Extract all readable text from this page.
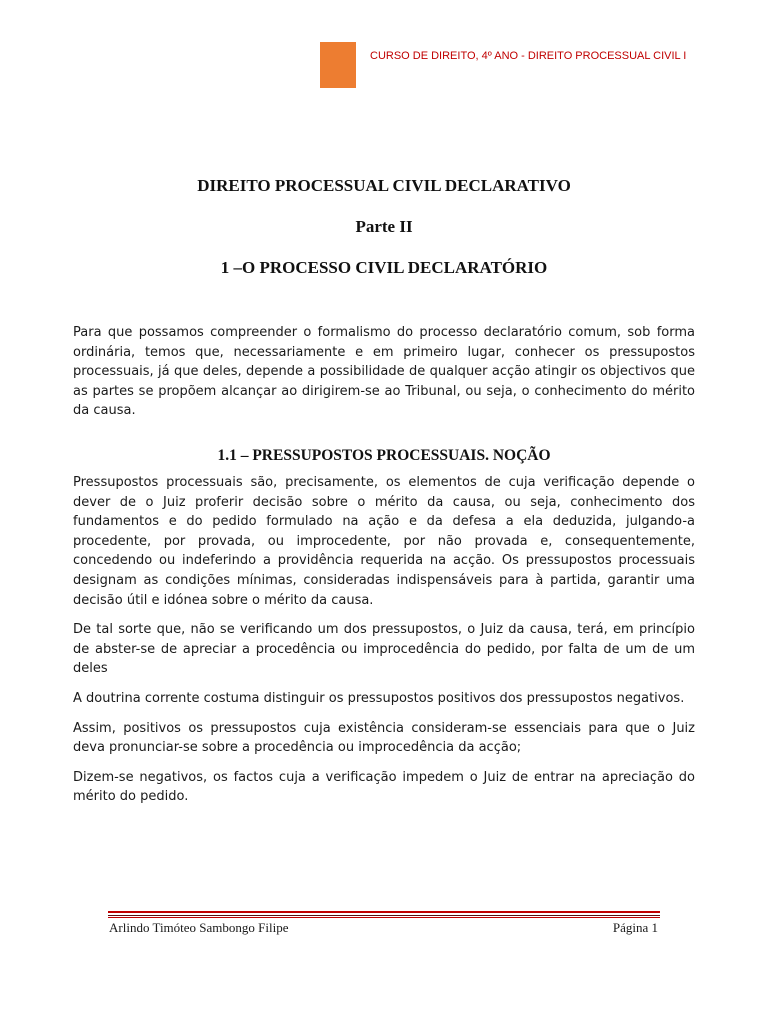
CURSO DE DIREITO, 4º ANO - DIREITO PROCESSUAL CIVIL I
DIREITO PROCESSUAL CIVIL DECLARATIVO
Parte II
1 –O PROCESSO CIVIL DECLARATÓRIO

Para que possamos compreender o formalismo do processo declaratório comum, sob forma ordinária, temos que, necessariamente e em primeiro lugar, conhecer os pressupostos processuais, já que deles, depende a possibilidade de qualquer acção atingir os objectivos que as partes se propõem alcançar ao dirigirem-se ao Tribunal, ou seja, o conhecimento do mérito da causa.

1.1 – PRESSUPOSTOS PROCESSUAIS. NOÇÃO

Pressupostos processuais são, precisamente, os elementos de cuja verificação depende o dever de o Juiz proferir decisão sobre o mérito da causa, ou seja, conhecimento dos fundamentos e do pedido formulado na ação e da defesa a ela deduzida, julgando-a procedente, por provada, ou improcedente, por não provada e, consequentemente, concedendo ou indeferindo a providência requerida na acção. Os pressupostos processuais designam as condições mínimas, consideradas indispensáveis para à partida, garantir uma decisão útil e idónea sobre o mérito da causa.

De tal sorte que, não se verificando um dos pressupostos, o Juiz da causa, terá, em princípio de abster-se de apreciar a procedência ou improcedência do pedido, por falta de um de um deles

A doutrina corrente costuma distinguir os pressupostos positivos dos pressupostos negativos.

Assim, positivos os pressupostos cuja existência consideram-se essenciais para que o Juiz deva pronunciar-se sobre a procedência ou improcedência da acção;

Dizem-se negativos, os factos cuja a verificação impedem o Juiz de entrar na apreciação do mérito do pedido.

Arlindo Timóteo Sambongo Filipe	Página 1
